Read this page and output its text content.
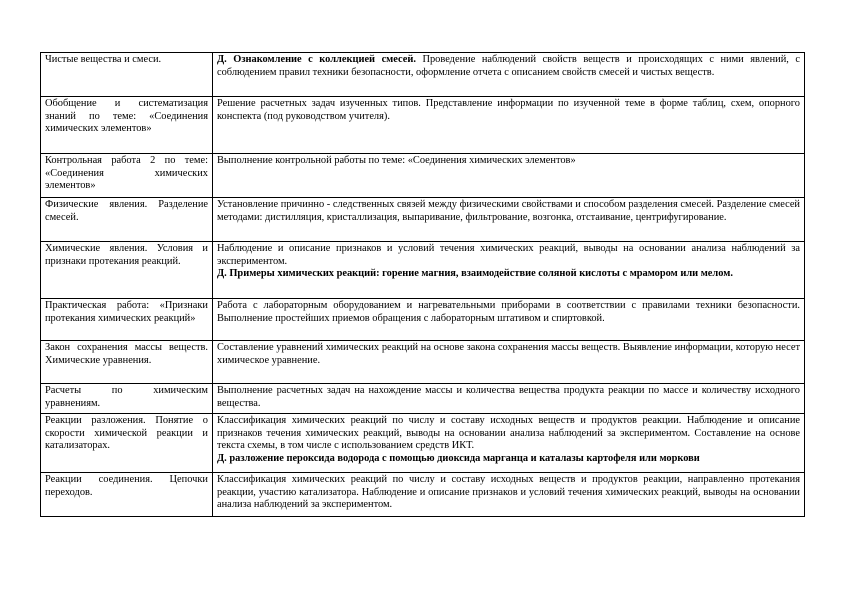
Чистые вещества и смеси.	Д. Ознакомление с коллекцией смесей. Проведение наблюдений свойств веществ и происходящих с ними явлений, с соблюдением правил техники безопасности, оформление отчета с описанием свойств смесей и чистых веществ.
Обобщение и систематизация знаний по теме: «Соединения химических элементов»	Решение расчетных задач изученных типов. Представление информации по изученной теме в форме таблиц, схем, опорного конспекта (под руководством учителя).
Контрольная работа 2 по теме: «Соединения химических элементов»	Выполнение контрольной работы по теме: «Соединения химических элементов»
Физические явления. Разделение смесей.	Установление причинно - следственных связей между физическими свойствами и способом разделения смесей. Разделение смесей методами: дистилляция, кристаллизация, выпаривание, фильтрование, возгонка, отстаивание, центрифугирование.
Химические явления. Условия и признаки протекания реакций.	Наблюдение и описание признаков и условий течения химических реакций, выводы на основании анализа наблюдений за экспериментом.
Д. Примеры химических реакций: горение магния, взаимодействие соляной кислоты с мрамором или мелом.
Практическая работа: «Признаки протекания химических реакций»	Работа с лабораторным оборудованием и нагревательными приборами в соответствии с правилами техники безопасности. Выполнение простейших приемов обращения с лабораторным штативом и спиртовкой.
Закон сохранения массы веществ. Химические уравнения.	Составление уравнений химических реакций на основе закона сохранения массы веществ. Выявление информации, которую несет химическое уравнение.
Расчеты по химическим уравнениям.	Выполнение расчетных задач на нахождение массы и количества вещества продукта реакции по массе и количеству исходного вещества.
Реакции разложения. Понятие о скорости химической реакции и катализаторах.	Классификация химических реакций по числу и составу исходных веществ и продуктов реакции. Наблюдение и описание признаков течения химических реакций, выводы на основании анализа наблюдений за экспериментом. Составление на основе текста схемы, в том числе с использованием средств ИКТ.
Д. разложение пероксида водорода с помощью диоксида марганца и каталазы картофеля или моркови
Реакции соединения. Цепочки переходов.	Классификация химических реакций по числу и составу исходных веществ и продуктов реакции, направленно протекания реакции, участию катализатора. Наблюдение и описание признаков и условий течения химических реакций, выводы на основании анализа наблюдений за экспериментом.
